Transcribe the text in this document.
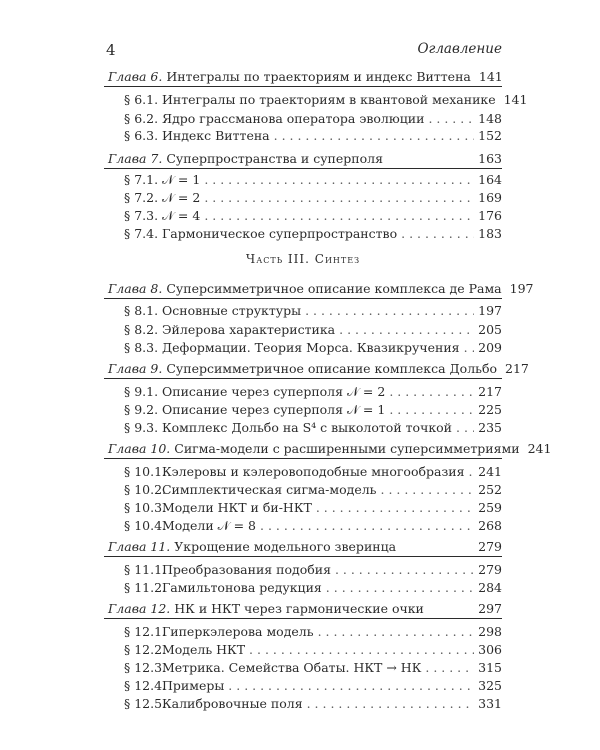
4	Оглавление
Часть III. Синтез
Глава 6. Интегралы по траекториям и индекс Виттена 141
§ 6.1. Интегралы по траекториям в квантовой механике 141
§ 6.2. Ядро грассманова оператора эволюции . . .	148
§ 6.3. Индекс Виттена . . .	152
Глава 7. Суперпространства и суперполя	163
§ 7.1. 𝒩 = 1 . . .	164
§ 7.2. 𝒩 = 2 . . .	169
§ 7.3. 𝒩 = 4 . . .	176
§ 7.4. Гармоническое суперпространство . . .	183
Глава 8. Суперсимметричное описание комплекса де Рама 197
§ 8.1. Основные структуры . . .	197
§ 8.2. Эйлерова характеристика . . .	205
§ 8.3. Деформации. Теория Морса. Квазикручения . . . 209
Глава 9. Суперсимметричное описание комплекса Дольбо 217
§ 9.1. Описание через суперполя 𝒩 = 2 . . .	217
§ 9.2. Описание через суперполя 𝒩 = 1 . . .	225
§ 9.3. Комплекс Дольбо на S⁴ с выколотой точкой . . . 235
Глава 10. Сигма-модели с расширенными суперсимметриями 241
§ 10.1. Кэлеровы и кэлеровоподобные многообразия . . . 241
§ 10.2. Симплектическая сигма-модель . . .	252
§ 10.3. Модели НКТ и би-НКТ . . .	259
§ 10.4. Модели 𝒩 = 8 . . .	268
Глава 11. Укрощение модельного зверинца	279
§ 11.1. Преобразования подобия . . .	279
§ 11.2. Гамильтонова редукция . . .	284
Глава 12. НК и НКТ через гармонические очки	297
§ 12.1. Гиперкэлерова модель . . .	298
§ 12.2. Модель НКТ . . .	306
§ 12.3. Метрика. Семейства Обаты. НКТ → НК . . .	315
§ 12.4. Примеры . . .	325
§ 12.5. Калибровочные поля . . .	331
